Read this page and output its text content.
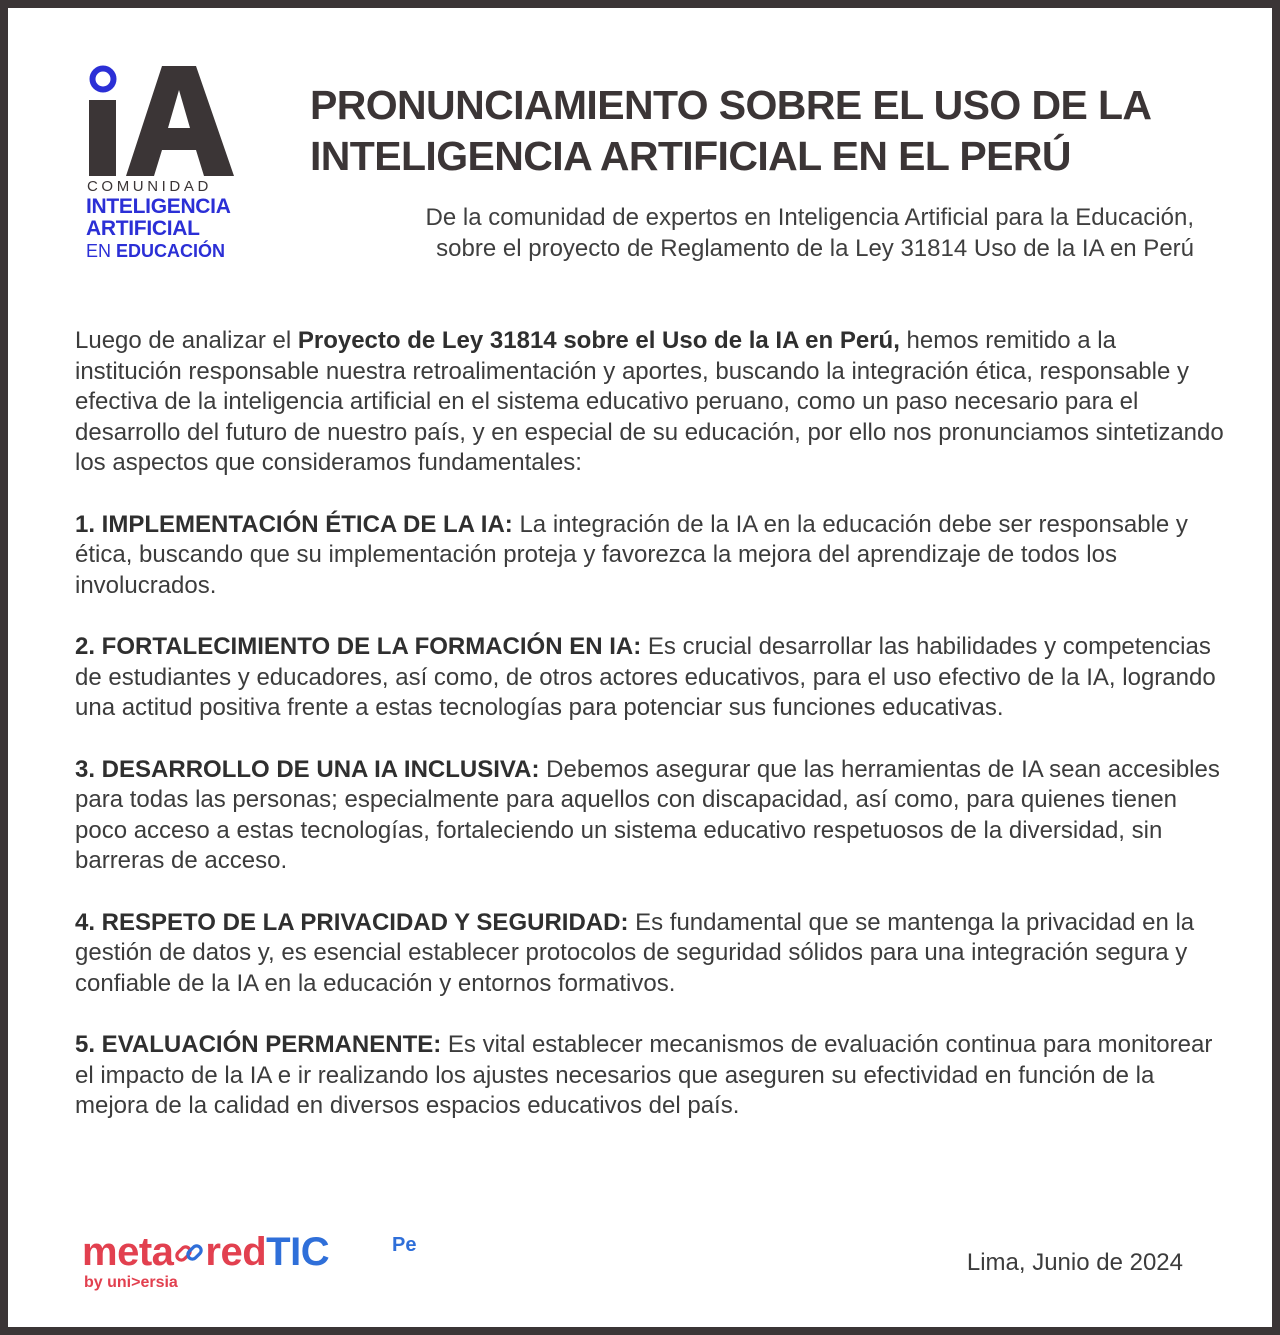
COMUNIDAD
INTELIGENCIA
ARTIFICIAL
EN EDUCACIÓN
PRONUNCIAMIENTO SOBRE EL USO DE LA INTELIGENCIA ARTIFICIAL EN EL PERÚ
De la comunidad de expertos en Inteligencia Artificial para la Educación,
sobre el proyecto de Reglamento de la Ley 31814 Uso de la IA en Perú

Luego de analizar el Proyecto de Ley 31814 sobre el Uso de la IA en Perú, hemos remitido a la institución responsable nuestra retroalimentación y aportes, buscando la integración ética, responsable y efectiva de la inteligencia artificial en el sistema educativo peruano, como un paso necesario para el desarrollo del futuro de nuestro país, y en especial de su educación, por ello nos pronunciamos sintetizando los aspectos que consideramos fundamentales:

1. IMPLEMENTACIÓN ÉTICA DE LA IA: La integración de la IA en la educación debe ser responsable y ética, buscando que su implementación proteja y favorezca la mejora del aprendizaje de todos los involucrados.

2. FORTALECIMIENTO DE LA FORMACIÓN EN IA: Es crucial desarrollar las habilidades y competencias de estudiantes y educadores, así como, de otros actores educativos, para el uso efectivo de la IA, logrando una actitud positiva frente a estas tecnologías para potenciar sus funciones educativas.

3. DESARROLLO DE UNA IA INCLUSIVA: Debemos asegurar que las herramientas de IA sean accesibles para todas las personas; especialmente para aquellos con discapacidad, así como, para quienes tienen poco acceso a estas tecnologías, fortaleciendo un sistema educativo respetuosos de la diversidad, sin barreras de acceso.

4. RESPETO DE LA PRIVACIDAD Y SEGURIDAD: Es fundamental que se mantenga la privacidad en la gestión de datos y, es esencial establecer protocolos de seguridad sólidos para una integración segura y confiable de la IA en la educación y entornos formativos.

5. EVALUACIÓN PERMANENTE: Es vital establecer mecanismos de evaluación continua para monitorear el impacto de la IA e ir realizando los ajustes necesarios que aseguren su efectividad en función de la mejora de la calidad en diversos espacios educativos del país.

meta redTIC	Pe
by uni>ersia
Lima, Junio de 2024
